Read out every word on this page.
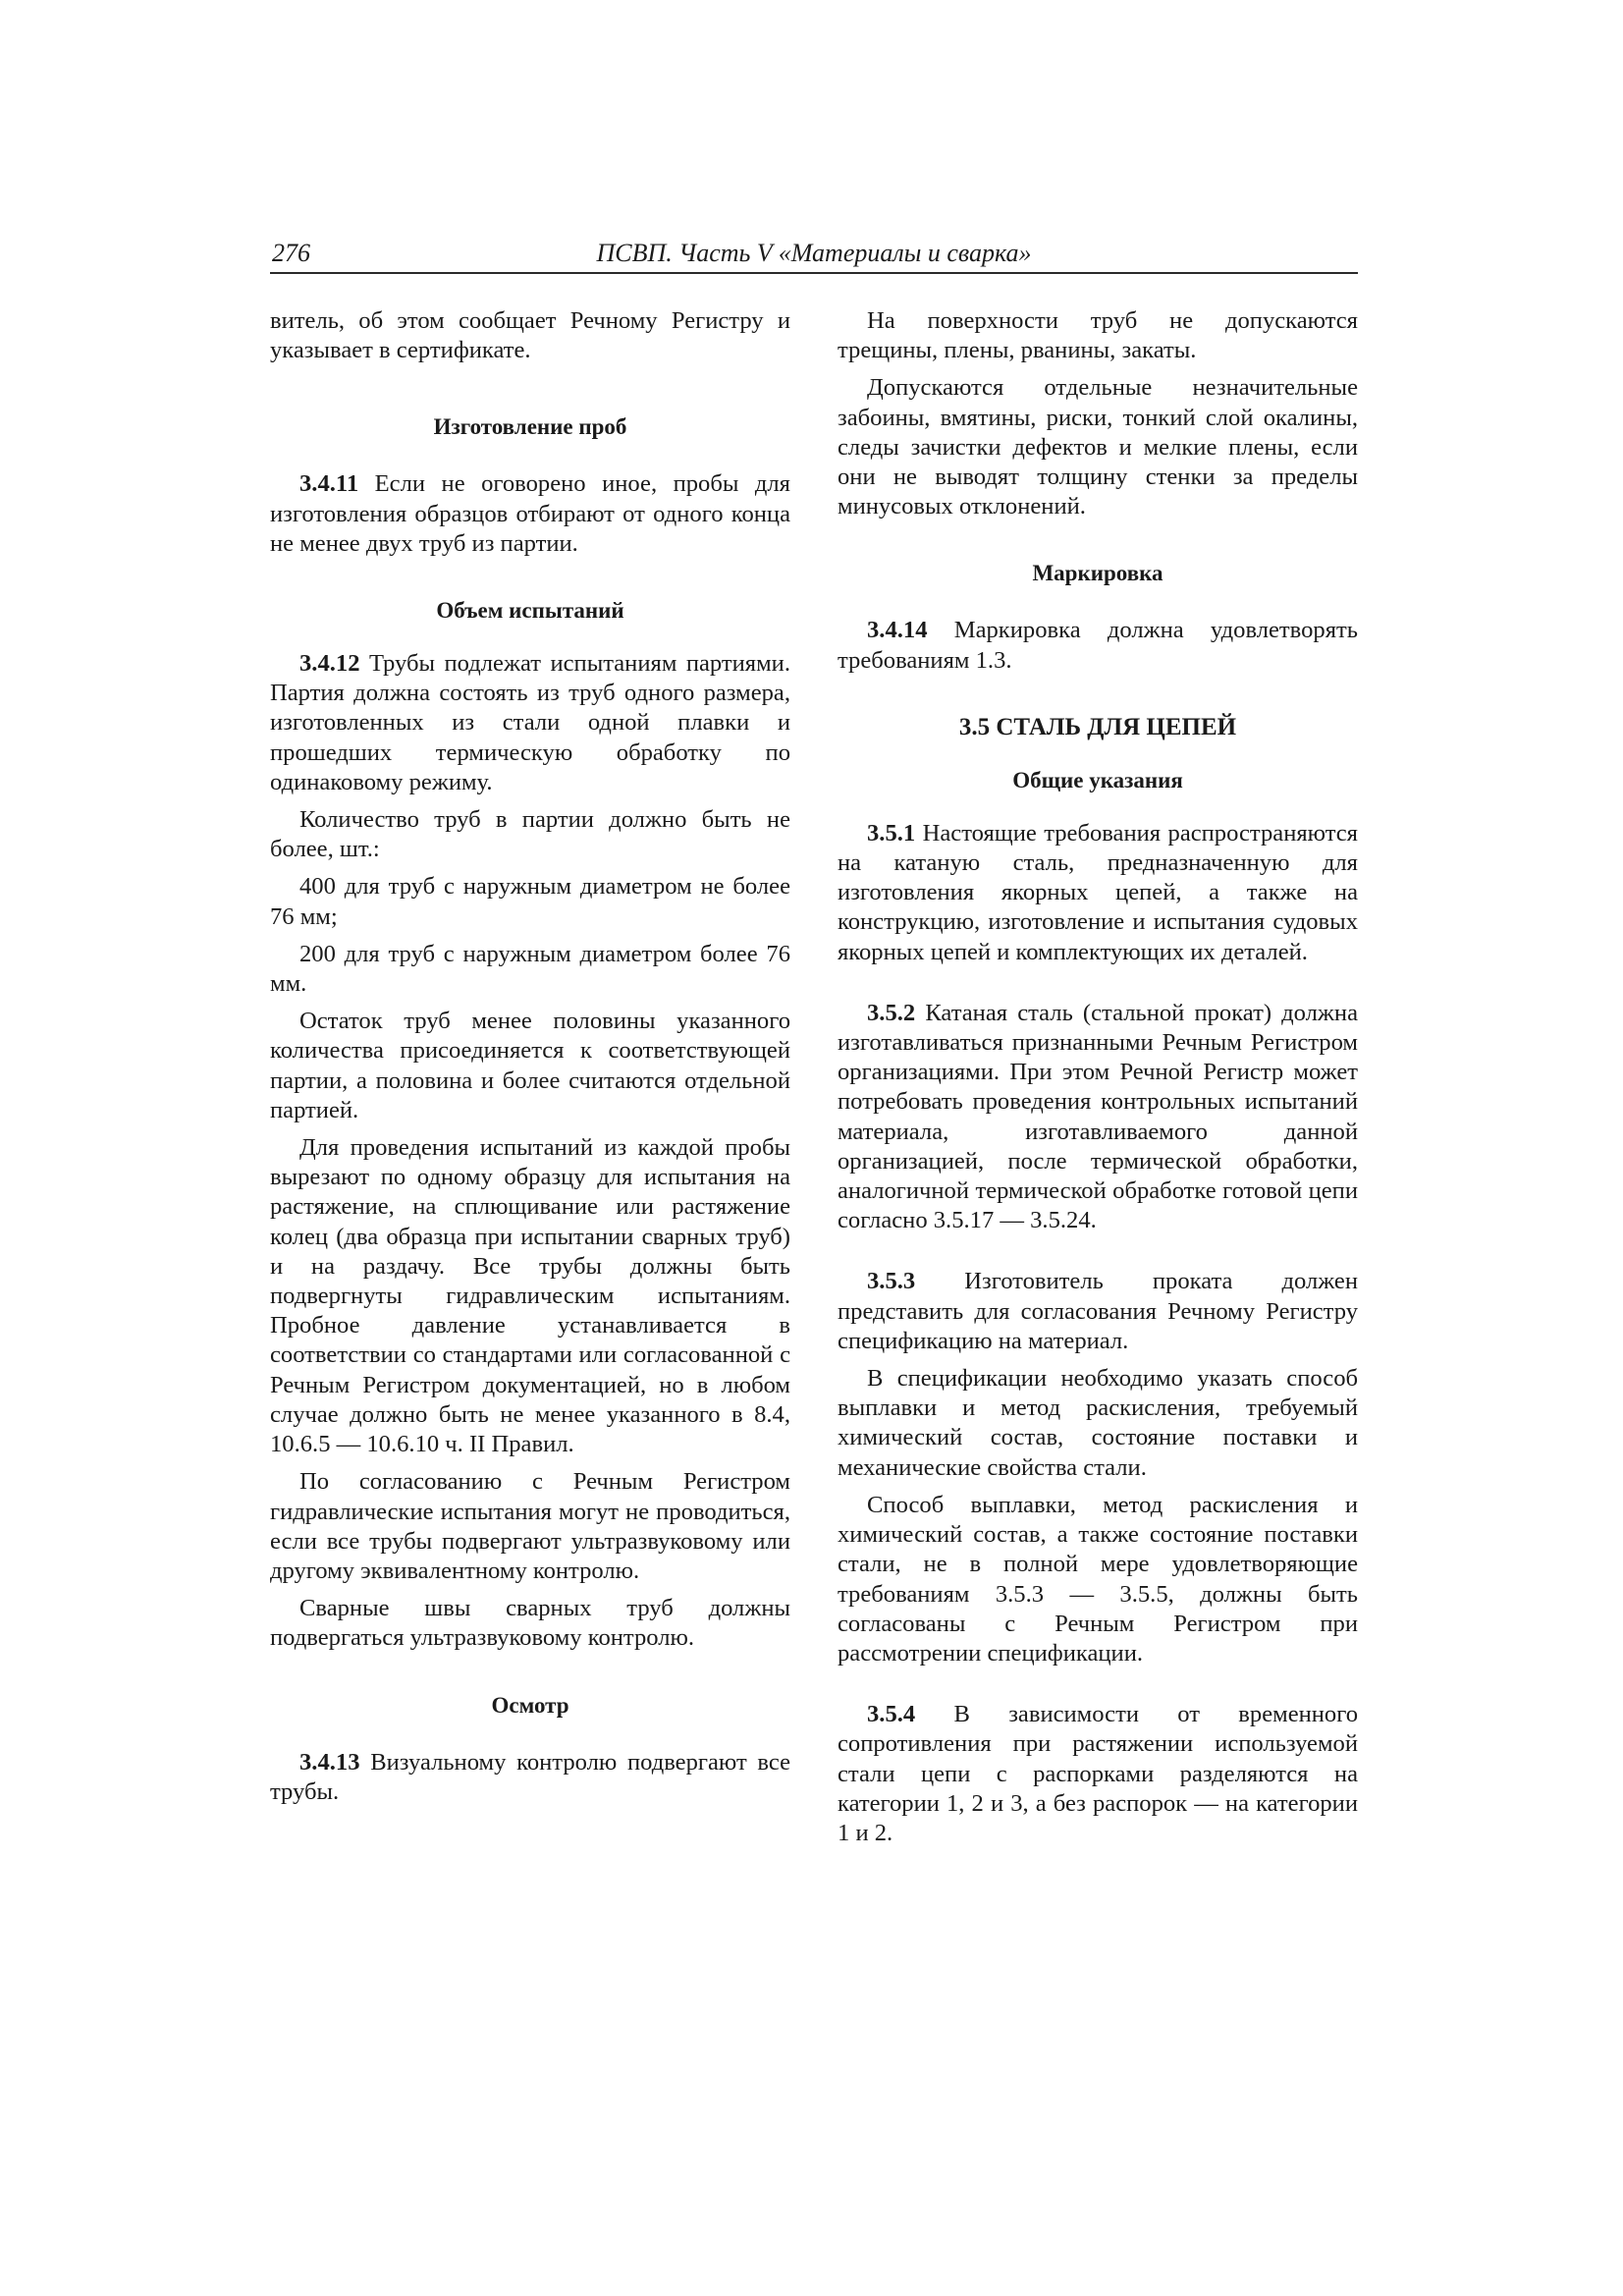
276	ПСВП. Часть V «Материалы и сварка»

витель, об этом сообщает Речному Регистру и указывает в сертификате.

Изготовление проб

3.4.11 Если не оговорено иное, пробы для изготовления образцов отбирают от одного конца не менее двух труб из партии.

Объем испытаний

3.4.12 Трубы подлежат испытаниям партиями. Партия должна состоять из труб одного размера, изготовленных из стали одной плавки и прошедших термическую обработку по одинаковому режиму.

Количество труб в партии должно быть не более, шт.:

400 для труб с наружным диаметром не более 76 мм;

200 для труб с наружным диаметром более 76 мм.

Остаток труб менее половины указанного количества присоединяется к соответствующей партии, а половина и более считаются отдельной партией.

Для проведения испытаний из каждой пробы вырезают по одному образцу для испытания на растяжение, на сплющивание или растяжение колец (два образца при испытании сварных труб) и на раздачу. Все трубы должны быть подвергнуты гидравлическим испытаниям. Пробное давление устанавливается в соответствии со стандартами или согласованной с Речным Регистром документацией, но в любом случае должно быть не менее указанного в 8.4, 10.6.5 — 10.6.10 ч. II Правил.

По согласованию с Речным Регистром гидравлические испытания могут не проводиться, если все трубы подвергают ультразвуковому или другому эквивалентному контролю.

Сварные швы сварных труб должны подвергаться ультразвуковому контролю.

Осмотр

3.4.13 Визуальному контролю подвергают все трубы.

На поверхности труб не допускаются трещины, плены, рванины, закаты.

Допускаются отдельные незначительные забоины, вмятины, риски, тонкий слой окалины, следы зачистки дефектов и мелкие плены, если они не выводят толщину стенки за пределы минусовых отклонений.

Маркировка

3.4.14 Маркировка должна удовлетворять требованиям 1.3.

3.5 СТАЛЬ ДЛЯ ЦЕПЕЙ
Общие указания

3.5.1 Настоящие требования распространяются на катаную сталь, предназначенную для изготовления якорных цепей, а также на конструкцию, изготовление и испытания судовых якорных цепей и комплектующих их деталей.

3.5.2 Катаная сталь (стальной прокат) должна изготавливаться признанными Речным Регистром организациями. При этом Речной Регистр может потребовать проведения контрольных испытаний материала, изготавливаемого данной организацией, после термической обработки, аналогичной термической обработке готовой цепи согласно 3.5.17 — 3.5.24.

3.5.3 Изготовитель проката должен представить для согласования Речному Регистру спецификацию на материал.

В спецификации необходимо указать способ выплавки и метод раскисления, требуемый химический состав, состояние поставки и механические свойства стали.

Способ выплавки, метод раскисления и химический состав, а также состояние поставки стали, не в полной мере удовлетворяющие требованиям 3.5.3 — 3.5.5, должны быть согласованы с Речным Регистром при рассмотрении спецификации.

3.5.4 В зависимости от временного сопротивления при растяжении используемой стали цепи с распорками разделяются на категории 1, 2 и 3, а без распорок — на категории 1 и 2.
